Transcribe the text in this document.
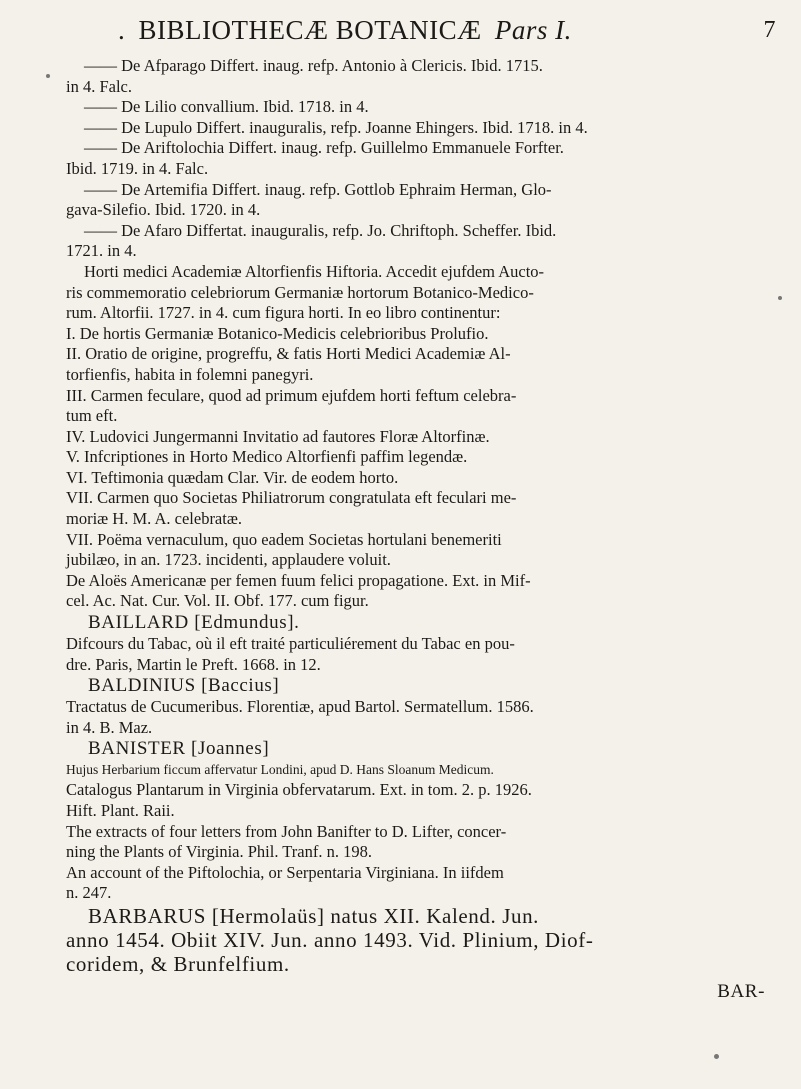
. BIBLIOTHECÆ BOTANICÆ Pars I.	7
—— De Afparago Differt. inaug. refp. Antonio à Clericis. Ibid. 1715.
in 4. Falc.
—— De Lilio convallium. Ibid. 1718. in 4.
—— De Lupulo Differt. inauguralis, refp. Joanne Ehingers. Ibid. 1718. in 4.
—— De Ariftolochia Differt. inaug. refp. Guillelmo Emmanuele Forfter.
Ibid. 1719. in 4. Falc.
—— De Artemifia Differt. inaug. refp. Gottlob Ephraim Herman, Glo-
gava-Silefio. Ibid. 1720. in 4.
—— De Afaro Differtat. inauguralis, refp. Jo. Chriftoph. Scheffer. Ibid.
1721. in 4.
Horti medici Academiæ Altorfienfis Hiftoria. Accedit ejufdem Aucto-
ris commemoratio celebriorum Germaniæ hortorum Botanico-Medico-
rum. Altorfii. 1727. in 4. cum figura horti. In eo libro continentur:
I. De hortis Germaniæ Botanico-Medicis celebrioribus Prolufio.
II. Oratio de origine, progreffu, & fatis Horti Medici Academiæ Al-
torfienfis, habita in folemni panegyri.
III. Carmen feculare, quod ad primum ejufdem horti feftum celebra-
tum eft.
IV. Ludovici Jungermanni Invitatio ad fautores Floræ Altorfinæ.
V. Infcriptiones in Horto Medico Altorfienfi paffim legendæ.
VI. Teftimonia quædam Clar. Vir. de eodem horto.
VII. Carmen quo Societas Philiatrorum congratulata eft feculari me-
moriæ H. M. A. celebratæ.
VII. Poëma vernaculum, quo eadem Societas hortulani benemeriti
jubilæo, in an. 1723. incidenti, applaudere voluit.
De Aloës Americanæ per femen fuum felici propagatione. Ext. in Mif-
cel. Ac. Nat. Cur. Vol. II. Obf. 177. cum figur.
BAILLARD [Edmundus].
Difcours du Tabac, où il eft traité particuliérement du Tabac en pou-
dre. Paris, Martin le Preft. 1668. in 12.
BALDINIUS [Baccius]
Tractatus de Cucumeribus. Florentiæ, apud Bartol. Sermatellum. 1586.
in 4. B. Maz.
BANISTER [Joannes]
Hujus Herbarium ficcum affervatur Londini, apud D. Hans Sloanum Medicum.
Catalogus Plantarum in Virginia obfervatarum. Ext. in tom. 2. p. 1926.
Hift. Plant. Raii.
The extracts of four letters from John Banifter to D. Lifter, concer-
ning the Plants of Virginia. Phil. Tranf. n. 198.
An account of the Piftolochia, or Serpentaria Virginiana. In iifdem
n. 247.
BARBARUS [Hermolaüs] natus XII. Kalend. Jun.
anno 1454. Obiit XIV. Jun. anno 1493. Vid. Plinium, Diof-
coridem, & Brunfelfium.
BAR-
